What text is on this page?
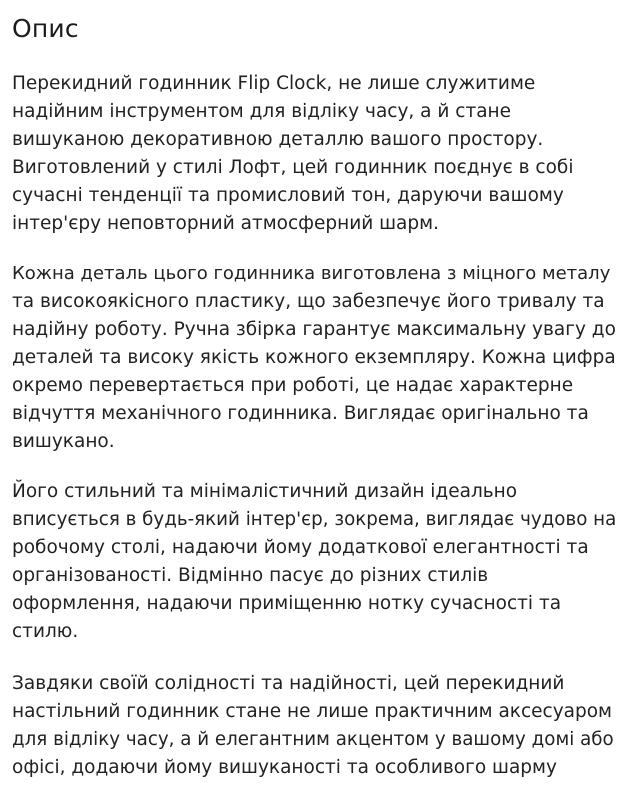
Опис

Перекидний годинник Flip Clock, не лише служитиме
надійним інструментом для відліку часу, а й стане
вишуканою декоративною деталлю вашого простору.
Виготовлений у стилі Лофт, цей годинник поєднує в собі
сучасні тенденції та промисловий тон, даруючи вашому
інтер'єру неповторний атмосферний шарм.

Кожна деталь цього годинника виготовлена з міцного металу
та високоякісного пластику, що забезпечує його тривалу та
надійну роботу. Ручна збірка гарантує максимальну увагу до
деталей та високу якість кожного екземпляру. Кожна цифра
окремо перевертається при роботі, це надає характерне
відчуття механічного годинника. Виглядає оригінально та
вишукано.

Його стильний та мінімалістичний дизайн ідеально
вписується в будь-який інтер'єр, зокрема, виглядає чудово на
робочому столі, надаючи йому додаткової елегантності та
організованості. Відмінно пасує до різних стилів
оформлення, надаючи приміщенню нотку сучасності та
стилю.

Завдяки своїй солідності та надійності, цей перекидний
настільний годинник стане не лише практичним аксесуаром
для відліку часу, а й елегантним акцентом у вашому домі або
офісі, додаючи йому вишуканості та особливого шарму
